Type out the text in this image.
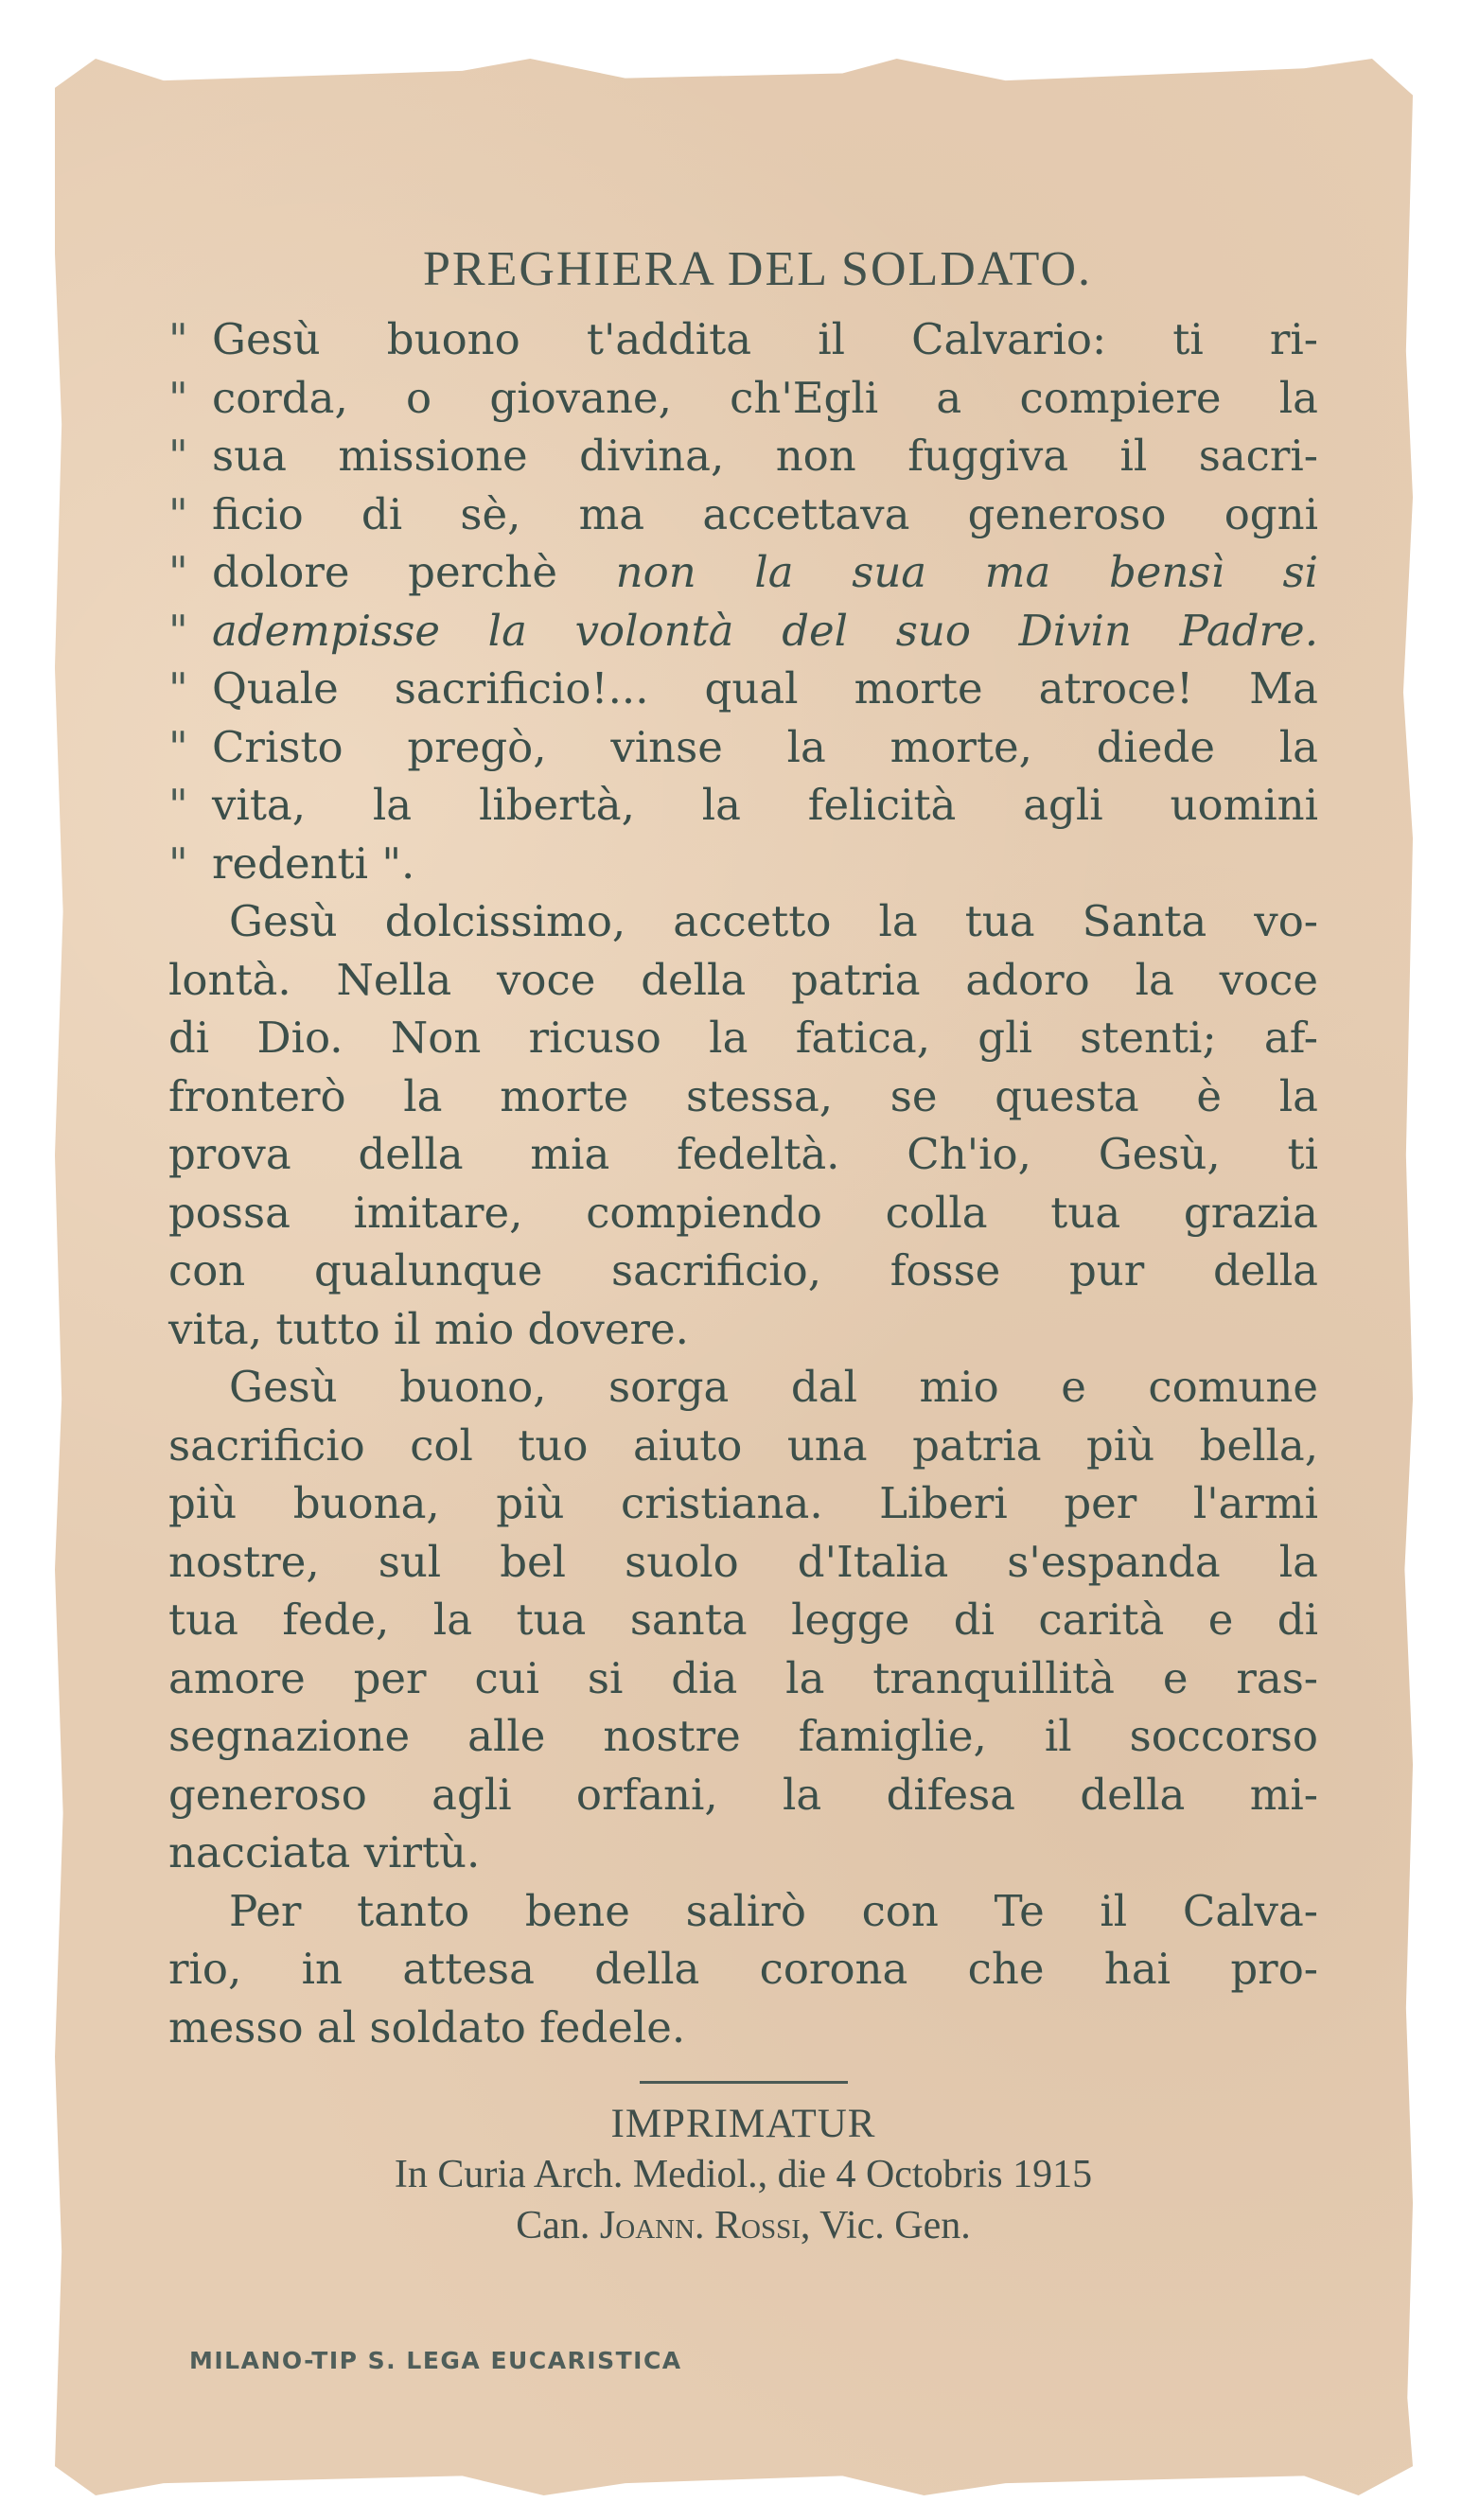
PREGHIERA DEL SOLDATO.
" Gesù buono t'addita il Calvario: ti ri-
" corda, o giovane, ch'Egli a compiere la
" sua missione divina, non fuggiva il sacri-
" ficio di sè, ma accettava generoso ogni
" dolore perchè non la sua ma bensì si
" adempisse la volontà del suo Divin Padre.
" Quale sacrificio!... qual morte atroce! Ma
" Cristo pregò, vinse la morte, diede la
" vita, la libertà, la felicità agli uomini
" redenti ".
Gesù dolcissimo, accetto la tua Santa vo-
lontà. Nella voce della patria adoro la voce
di Dio. Non ricuso la fatica, gli stenti; af-
fronterò la morte stessa, se questa è la
prova della mia fedeltà. Ch'io, Gesù, ti
possa imitare, compiendo colla tua grazia
con qualunque sacrificio, fosse pur della
vita, tutto il mio dovere.
Gesù buono, sorga dal mio e comune
sacrificio col tuo aiuto una patria più bella,
più buona, più cristiana. Liberi per l'armi
nostre, sul bel suolo d'Italia s'espanda la
tua fede, la tua santa legge di carità e di
amore per cui si dia la tranquillità e ras-
segnazione alle nostre famiglie, il soccorso
generoso agli orfani, la difesa della mi-
nacciata virtù.
Per tanto bene salirò con Te il Calva-
rio, in attesa della corona che hai pro-
messo al soldato fedele.
IMPRIMATUR
In Curia Arch. Mediol., die 4 Octobris 1915
Can. Joann. Rossi, Vic. Gen.
MILANO-TIP S. LEGA EUCARISTICA
